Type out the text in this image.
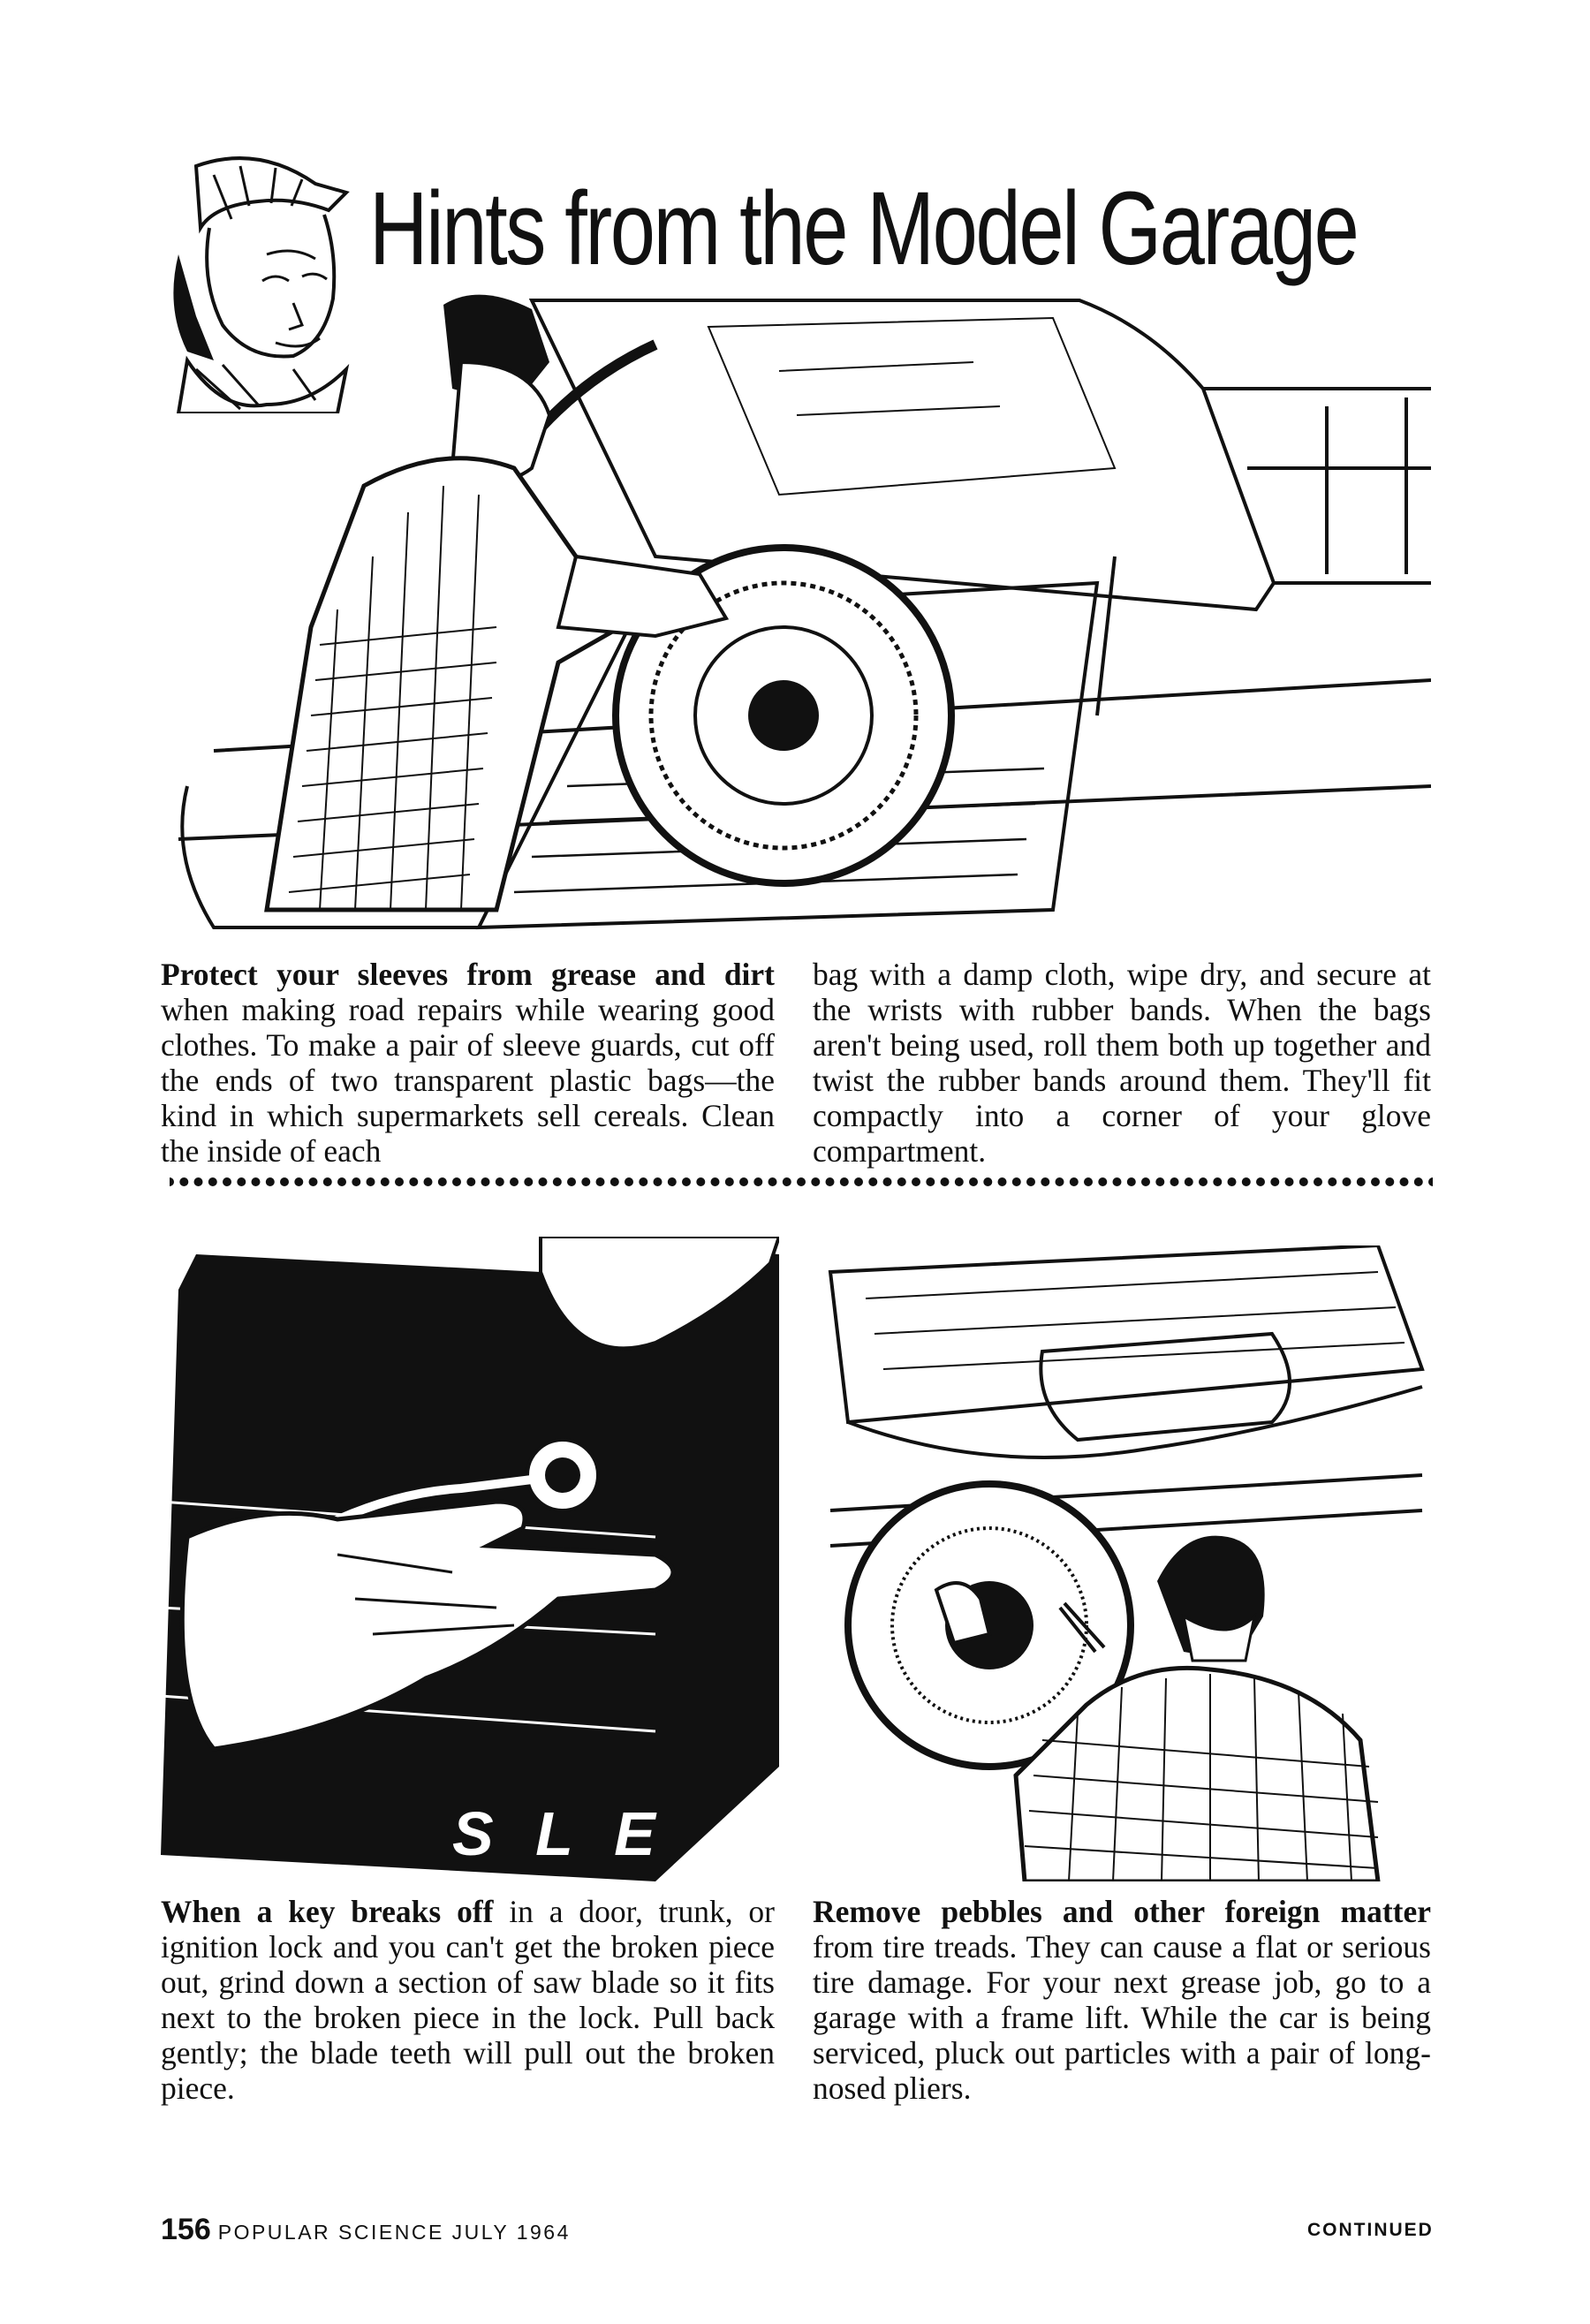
Hints from the Model Garage
Protect your sleeves from grease and dirt when making road repairs while wearing good clothes. To make a pair of sleeve guards, cut off the ends of two transparent plastic bags—the kind in which supermarkets sell cereals. Clean the inside of each
bag with a damp cloth, wipe dry, and secure at the wrists with rubber bands. When the bags aren't being used, roll them both up together and twist the rubber bands around them. They'll fit compactly into a corner of your glove compartment.
S L E
When a key breaks off in a door, trunk, or ignition lock and you can't get the broken piece out, grind down a section of saw blade so it fits next to the broken piece in the lock. Pull back gently; the blade teeth will pull out the broken piece.
Remove pebbles and other foreign matter from tire treads. They can cause a flat or serious tire damage. For your next grease job, go to a garage with a frame lift. While the car is being serviced, pluck out particles with a pair of long-nosed pliers.
156 POPULAR SCIENCE JULY 1964	CONTINUED
